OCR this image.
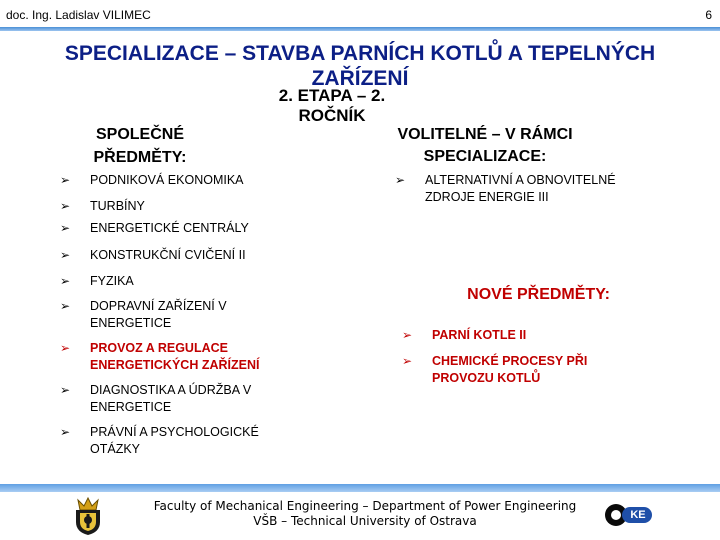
doc. Ing. Ladislav VILIMEC	6
SPECIALIZACE – STAVBA PARNÍCH KOTLŮ A TEPELNÝCH ZAŘÍZENÍ
2. ETAPA – 2. ROČNÍK
SPOLEČNÉ PŘEDMĚTY:
VOLITELNÉ – V RÁMCI SPECIALIZACE:
➢ PODNIKOVÁ EKONOMIKA
➢ TURBÍNY
➢ ENERGETICKÉ CENTRÁLY
➢ KONSTRUKČNÍ CVIČENÍ II
➢ FYZIKA
➢ DOPRAVNÍ ZAŘÍZENÍ V ENERGETICE
➢ PROVOZ A REGULACE ENERGETICKÝCH ZAŘÍZENÍ
➢ DIAGNOSTIKA A ÚDRŽBA V ENERGETICE
➢ PRÁVNÍ A PSYCHOLOGICKÉ OTÁZKY
➢ ALTERNATIVNÍ A OBNOVITELNÉ ZDROJE ENERGIE III
NOVÉ PŘEDMĚTY:
➢ PARNÍ KOTLE II
➢ CHEMICKÉ PROCESY PŘI PROVOZU KOTLŮ
Faculty of Mechanical Engineering – Department of Power Engineering
VŠB – Technical University of Ostrava	KE
